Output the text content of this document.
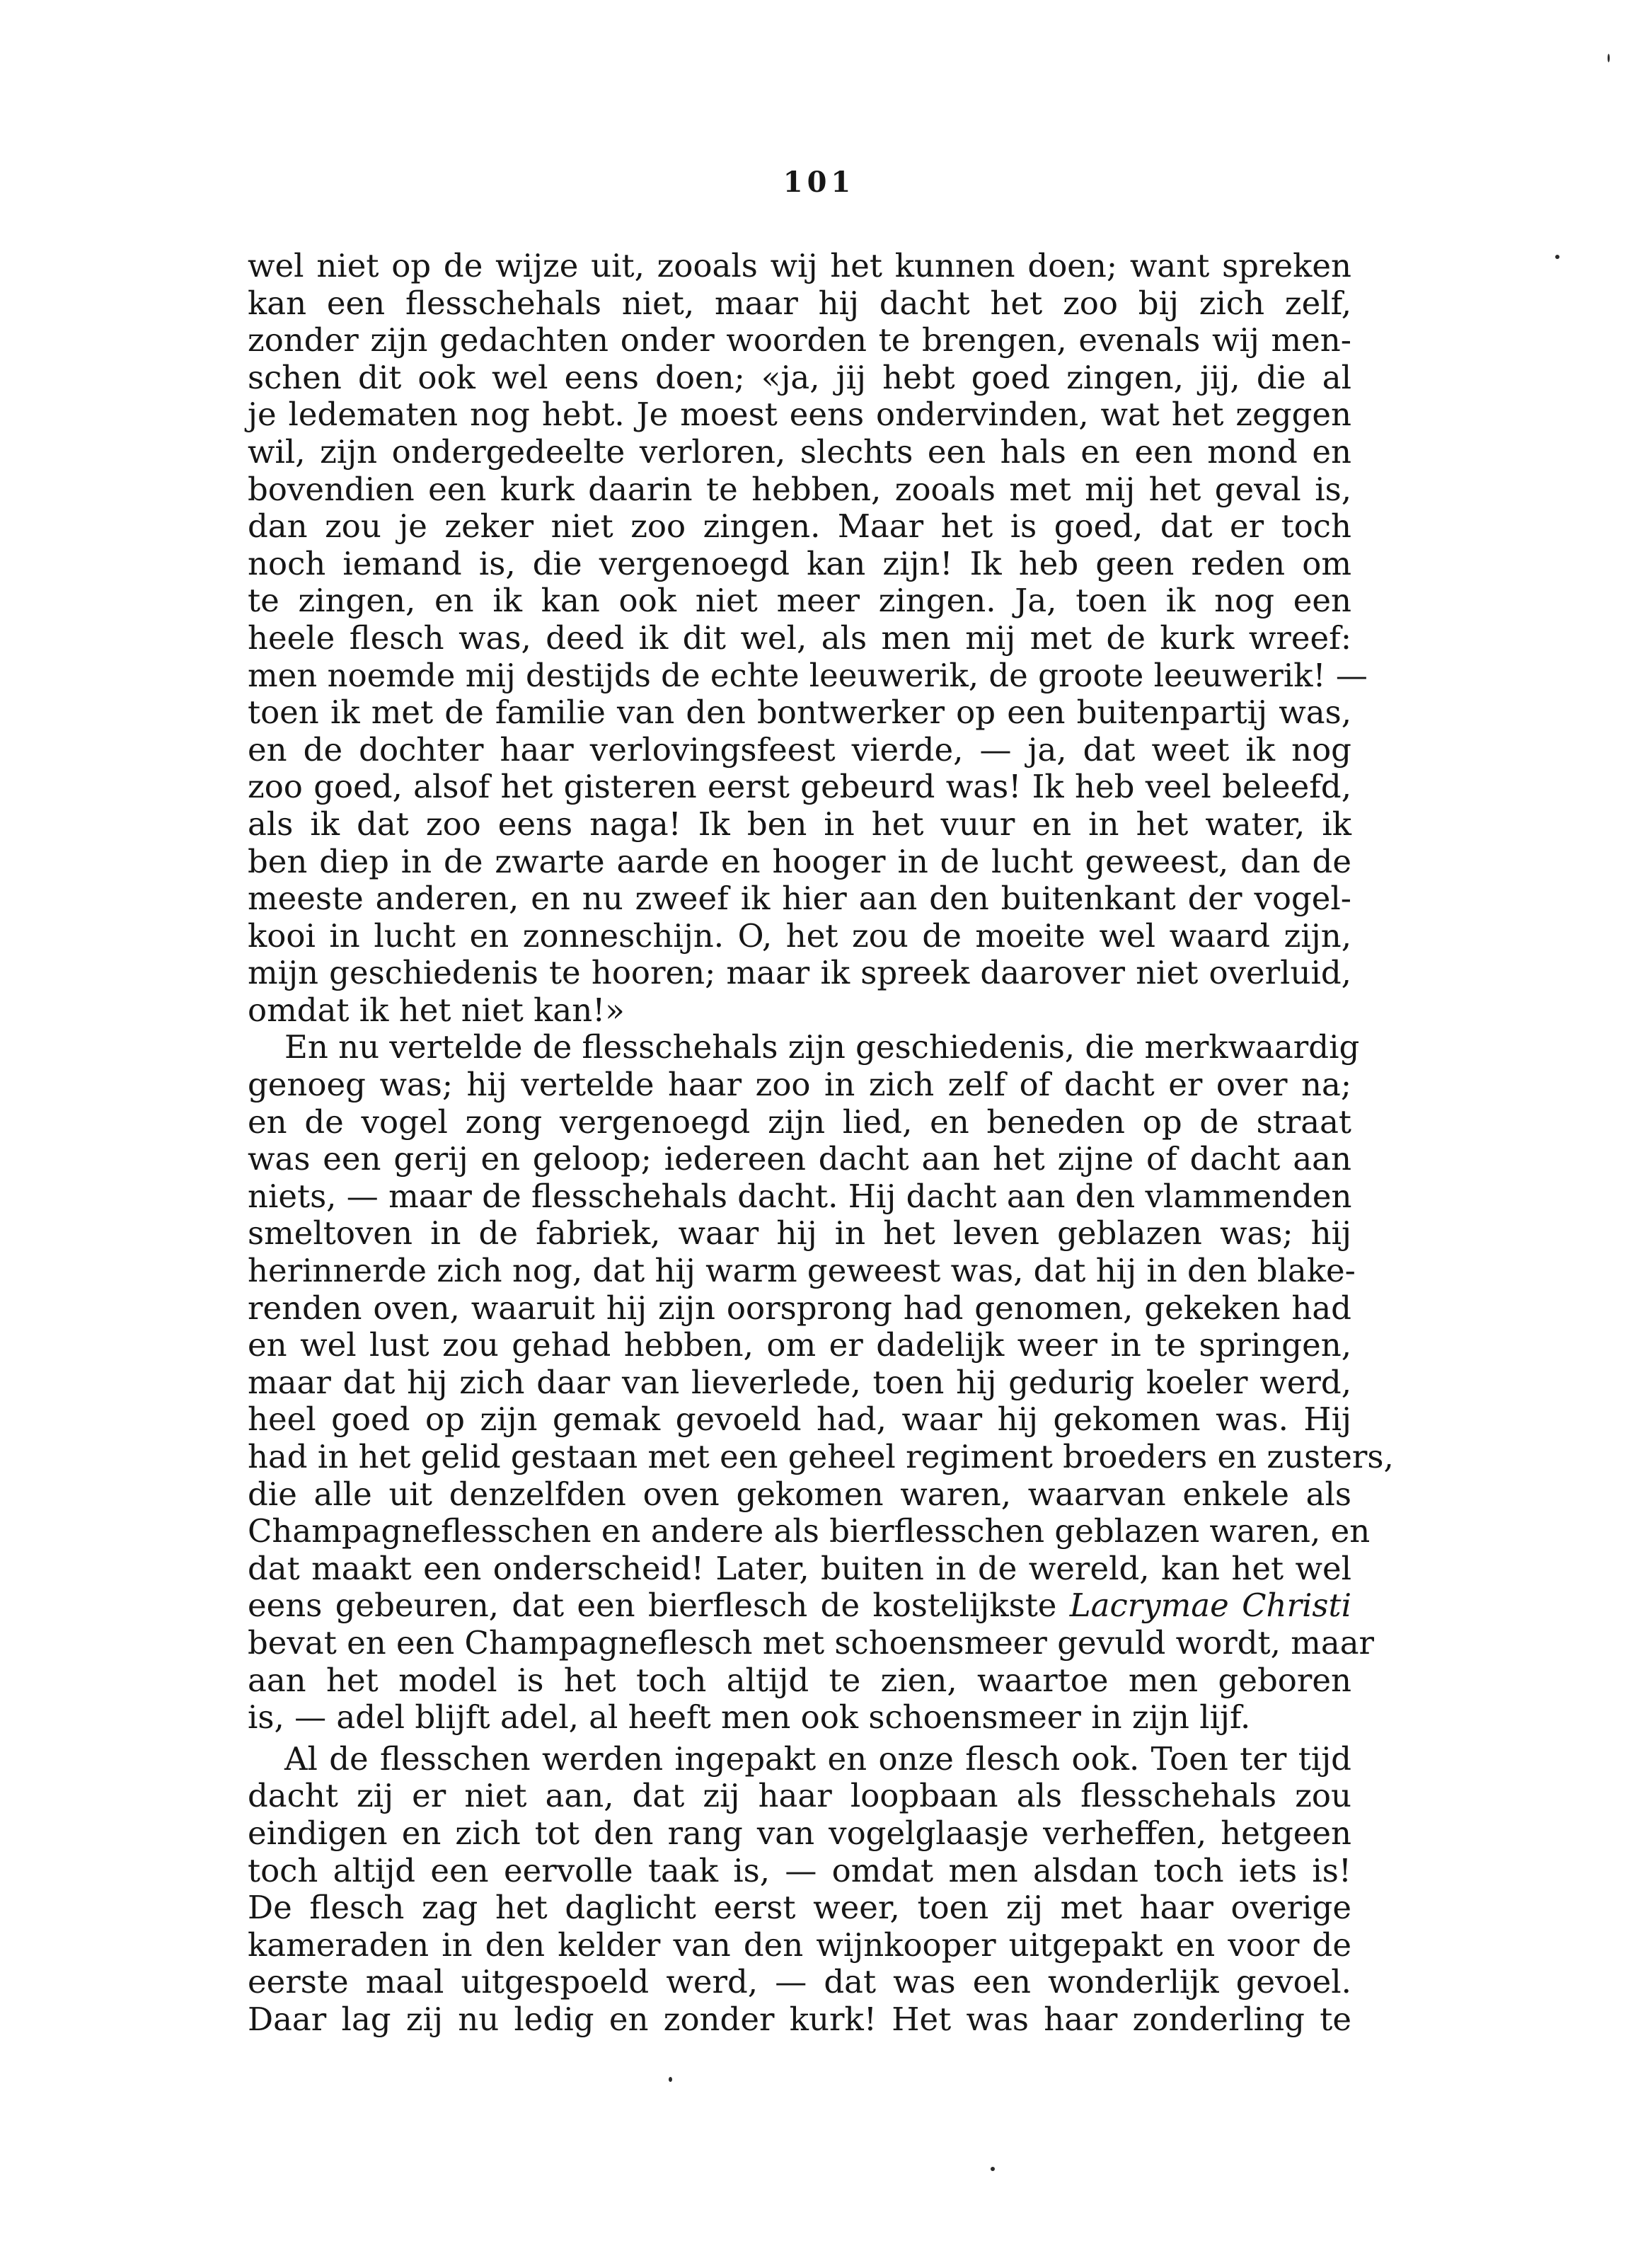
101
wel niet op de wijze uit, zooals wij het kunnen doen; want spreken
kan een flesschehals niet, maar hij dacht het zoo bij zich zelf,
zonder zijn gedachten onder woorden te brengen, evenals wij men-
schen dit ook wel eens doen; «ja, jij hebt goed zingen, jij, die al
je ledematen nog hebt. Je moest eens ondervinden, wat het zeggen
wil, zijn ondergedeelte verloren, slechts een hals en een mond en
bovendien een kurk daarin te hebben, zooals met mij het geval is,
dan zou je zeker niet zoo zingen. Maar het is goed, dat er toch
noch iemand is, die vergenoegd kan zijn! Ik heb geen reden om
te zingen, en ik kan ook niet meer zingen. Ja, toen ik nog een
heele flesch was, deed ik dit wel, als men mij met de kurk wreef:
men noemde mij destijds de echte leeuwerik, de groote leeuwerik! —
toen ik met de familie van den bontwerker op een buitenpartij was,
en de dochter haar verlovingsfeest vierde, — ja, dat weet ik nog
zoo goed, alsof het gisteren eerst gebeurd was! Ik heb veel beleefd,
als ik dat zoo eens naga! Ik ben in het vuur en in het water, ik
ben diep in de zwarte aarde en hooger in de lucht geweest, dan de
meeste anderen, en nu zweef ik hier aan den buitenkant der vogel-
kooi in lucht en zonneschijn. O, het zou de moeite wel waard zijn,
mijn geschiedenis te hooren; maar ik spreek daarover niet overluid,
omdat ik het niet kan!»
En nu vertelde de flesschehals zijn geschiedenis, die merkwaardig
genoeg was; hij vertelde haar zoo in zich zelf of dacht er over na;
en de vogel zong vergenoegd zijn lied, en beneden op de straat
was een gerij en geloop; iedereen dacht aan het zijne of dacht aan
niets, — maar de flesschehals dacht. Hij dacht aan den vlammenden
smeltoven in de fabriek, waar hij in het leven geblazen was; hij
herinnerde zich nog, dat hij warm geweest was, dat hij in den blake-
renden oven, waaruit hij zijn oorsprong had genomen, gekeken had
en wel lust zou gehad hebben, om er dadelijk weer in te springen,
maar dat hij zich daar van lieverlede, toen hij gedurig koeler werd,
heel goed op zijn gemak gevoeld had, waar hij gekomen was. Hij
had in het gelid gestaan met een geheel regiment broeders en zusters,
die alle uit denzelfden oven gekomen waren, waarvan enkele als
Champagneflesschen en andere als bierflesschen geblazen waren, en
dat maakt een onderscheid! Later, buiten in de wereld, kan het wel
eens gebeuren, dat een bierflesch de kostelijkste Lacrymae Christi
bevat en een Champagneflesch met schoensmeer gevuld wordt, maar
aan het model is het toch altijd te zien, waartoe men geboren
is, — adel blijft adel, al heeft men ook schoensmeer in zijn lijf.
Al de flesschen werden ingepakt en onze flesch ook. Toen ter tijd
dacht zij er niet aan, dat zij haar loopbaan als flesschehals zou
eindigen en zich tot den rang van vogelglaasje verheffen, hetgeen
toch altijd een eervolle taak is, — omdat men alsdan toch iets is!
De flesch zag het daglicht eerst weer, toen zij met haar overige
kameraden in den kelder van den wijnkooper uitgepakt en voor de
eerste maal uitgespoeld werd, — dat was een wonderlijk gevoel.
Daar lag zij nu ledig en zonder kurk! Het was haar zonderling te
